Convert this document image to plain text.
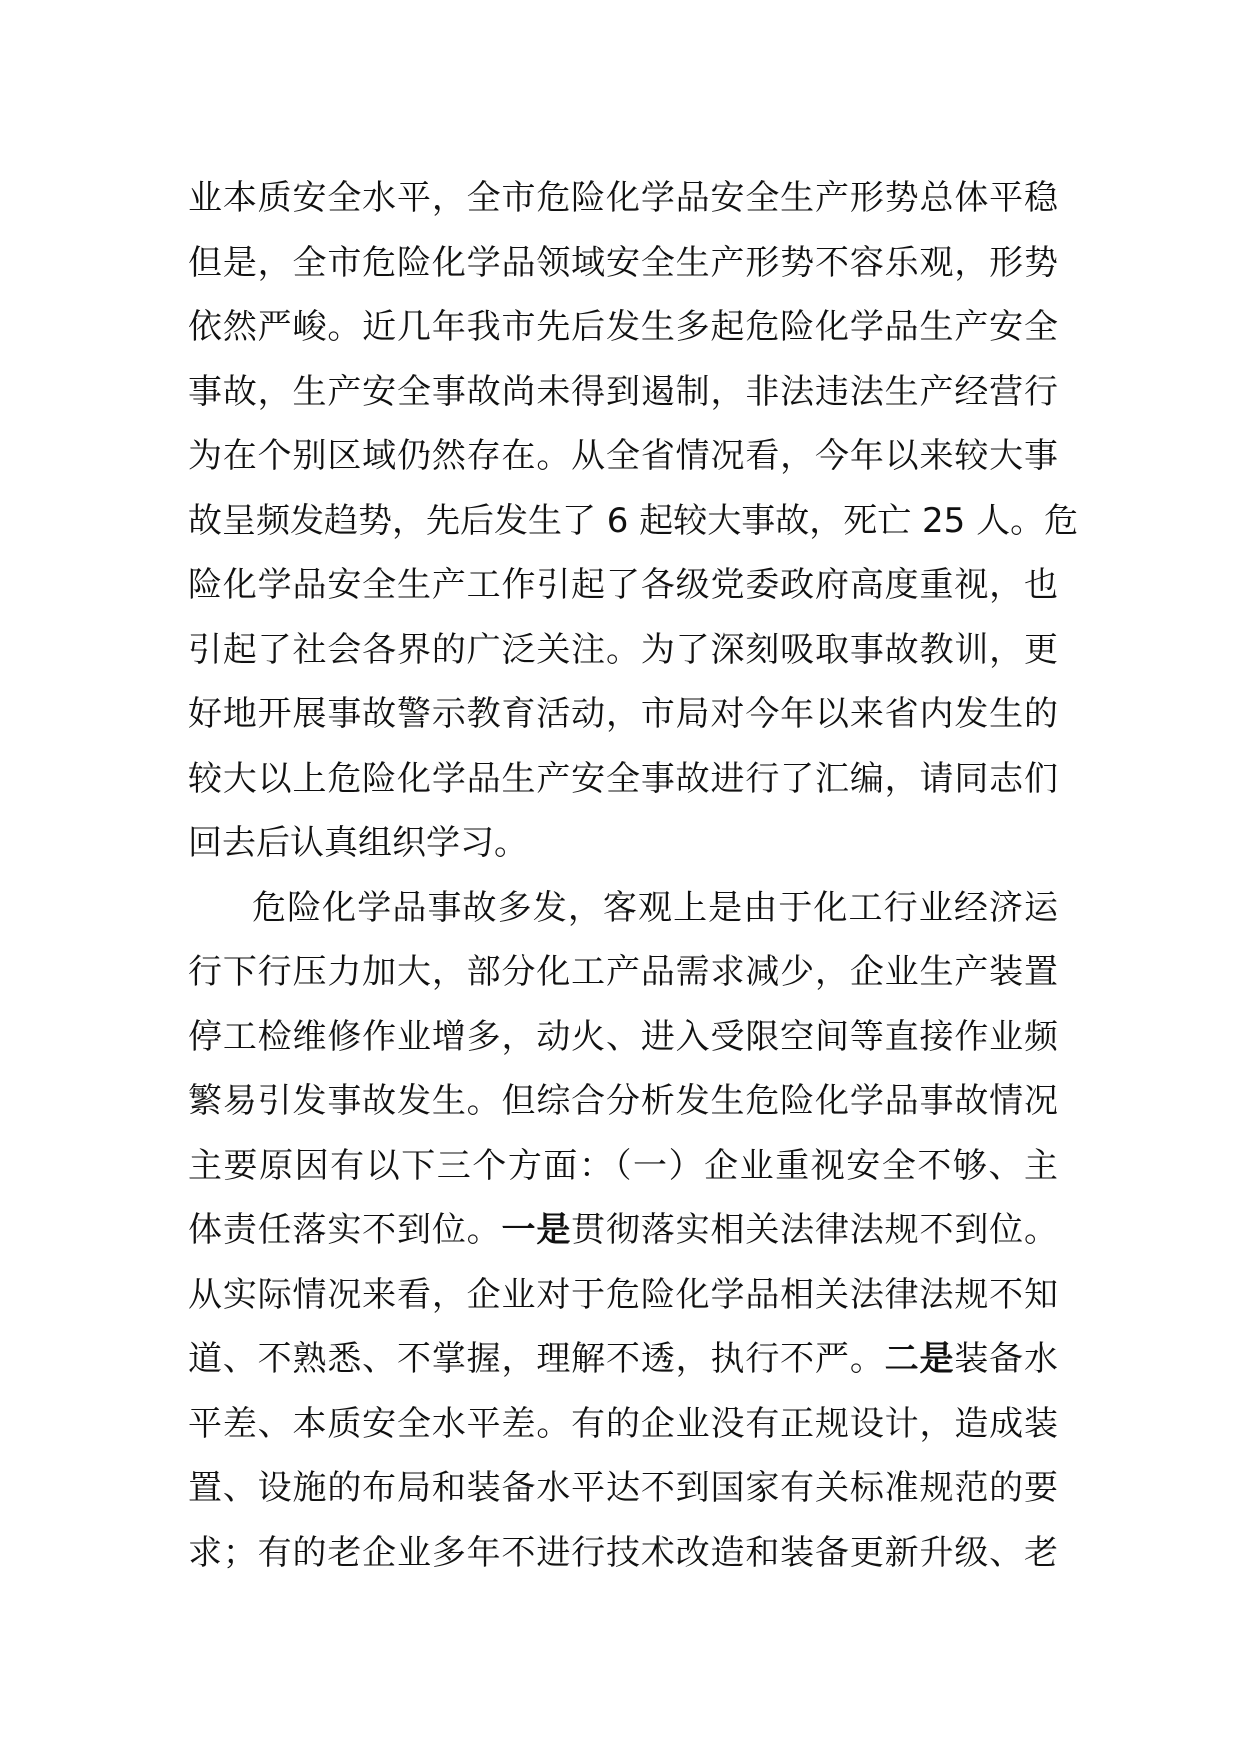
业本质安全水平，全市危险化学品安全生产形势总体平稳
但是，全市危险化学品领域安全生产形势不容乐观，形势
依然严峻。近几年我市先后发生多起危险化学品生产安全
事故，生产安全事故尚未得到遏制，非法违法生产经营行
为在个别区域仍然存在。从全省情况看，今年以来较大事
故呈频发趋势，先后发生了 6 起较大事故，死亡 25 人。危
险化学品安全生产工作引起了各级党委政府高度重视，也
引起了社会各界的广泛关注。为了深刻吸取事故教训，更
好地开展事故警示教育活动，市局对今年以来省内发生的
较大以上危险化学品生产安全事故进行了汇编，请同志们
回去后认真组织学习。
危险化学品事故多发，客观上是由于化工行业经济运
行下行压力加大，部分化工产品需求减少，企业生产装置
停工检维修作业增多，动火、进入受限空间等直接作业频
繁易引发事故发生。但综合分析发生危险化学品事故情况
主要原因有以下三个方面：（一）企业重视安全不够、主
体责任落实不到位。一是贯彻落实相关法律法规不到位。
从实际情况来看，企业对于危险化学品相关法律法规不知
道、不熟悉、不掌握，理解不透，执行不严。二是装备水
平差、本质安全水平差。有的企业没有正规设计，造成装
置、设施的布局和装备水平达不到国家有关标准规范的要
求；有的老企业多年不进行技术改造和装备更新升级、老
